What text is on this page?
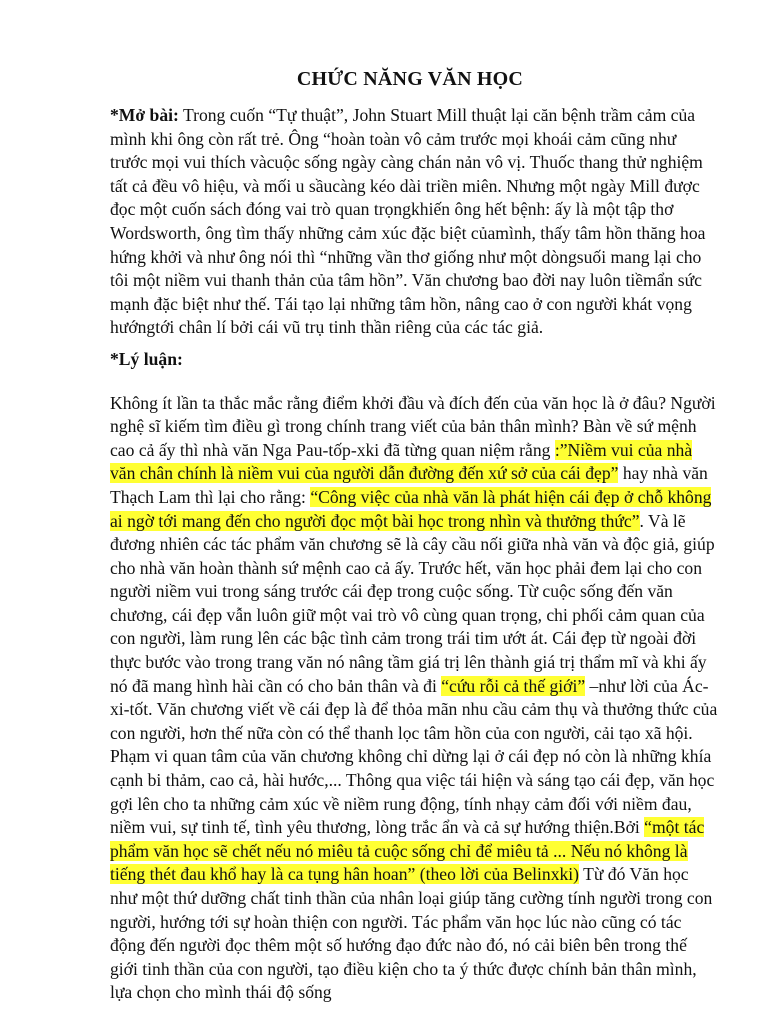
CHỨC NĂNG VĂN HỌC

*Mở bài: Trong cuốn “Tự thuật”, John Stuart Mill thuật lại căn bệnh trầm cảm của mình khi ông còn rất trẻ. Ông “hoàn toàn vô cảm trước mọi khoái cảm cũng như trước mọi vui thích vàcuộc sống ngày càng chán nản vô vị. Thuốc thang thử nghiệm tất cả đều vô hiệu, và mối u sầucàng kéo dài triền miên. Nhưng một ngày Mill được đọc một cuốn sách đóng vai trò quan trọngkhiến ông hết bệnh: ấy là một tập thơ Wordsworth, ông tìm thấy những cảm xúc đặc biệt củamình, thấy tâm hồn thăng hoa hứng khởi và như ông nói thì “những vần thơ giống như một dòngsuối mang lại cho tôi một niềm vui thanh thản của tâm hồn”. Văn chương bao đời nay luôn tiềmẩn sức mạnh đặc biệt như thế. Tái tạo lại những tâm hồn, nâng cao ở con người khát vọng hướngtới chân lí bởi cái vũ trụ tinh thần riêng của các tác giả.

*Lý luận:

Không ít lần ta thắc mắc rằng điểm khởi đầu và đích đến của văn học là ở đâu? Người nghệ sĩ kiếm tìm điều gì trong chính trang viết của bản thân mình? Bàn về sứ mệnh cao cả ấy thì nhà văn Nga Pau-tốp-xki đã từng quan niệm rằng :”Niềm vui của nhà văn chân chính là niềm vui của người dẫn đường đến xứ sở của cái đẹp” hay nhà văn Thạch Lam thì lại cho rằng: “Công việc của nhà văn là phát hiện cái đẹp ở chỗ không ai ngờ tới mang đến cho người đọc một bài học trong nhìn và thưởng thức”. Và lẽ đương nhiên các tác phẩm văn chương sẽ là cây cầu nối giữa nhà văn và độc giả, giúp cho nhà văn hoàn thành sứ mệnh cao cả ấy. Trước hết, văn học phải đem lại cho con người niềm vui trong sáng trước cái đẹp trong cuộc sống. Từ cuộc sống đến văn chương, cái đẹp vẫn luôn giữ một vai trò vô cùng quan trọng, chi phối cảm quan của con người, làm rung lên các bậc tình cảm trong trái tim ướt át. Cái đẹp từ ngoài đời thực bước vào trong trang văn nó nâng tầm giá trị lên thành giá trị thẩm mĩ và khi ấy nó đã mang hình hài cần có cho bản thân và đi “cứu rỗi cả thế giới” –như lời của Ác-xi-tốt. Văn chương viết về cái đẹp là để thỏa mãn nhu cầu cảm thụ và thưởng thức của con người, hơn thế nữa còn có thể thanh lọc tâm hồn của con người, cải tạo xã hội. Phạm vi quan tâm của văn chương không chỉ dừng lại ở cái đẹp nó còn là những khía cạnh bi thảm, cao cả, hài hước,... Thông qua việc tái hiện và sáng tạo cái đẹp, văn học gợi lên cho ta những cảm xúc về niềm rung động, tính nhạy cảm đối với niềm đau, niềm vui, sự tinh tế, tình yêu thương, lòng trắc ẩn và cả sự hướng thiện.Bởi “một tác phẩm văn học sẽ chết nếu nó miêu tả cuộc sống chỉ để miêu tả ... Nếu nó không là tiếng thét đau khổ hay là ca tụng hân hoan” (theo lời của Belinxki) Từ đó Văn học như một thứ dưỡng chất tinh thần của nhân loại giúp tăng cường tính người trong con người, hướng tới sự hoàn thiện con người. Tác phẩm văn học lúc nào cũng có tác động đến người đọc thêm một số hướng đạo đức nào đó, nó cải biên bên trong thế giới tinh thần của con người, tạo điều kiện cho ta ý thức được chính bản thân mình, lựa chọn cho mình thái độ sống
